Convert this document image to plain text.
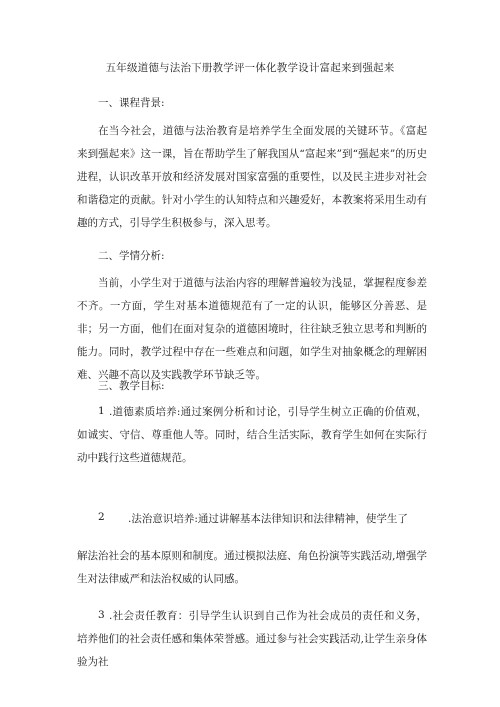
五年级道德与法治下册教学评一体化教学设计富起来到强起来
一、课程背景:

在当今社会，道德与法治教育是培养学生全面发展的关键环节。《富起来到强起来》这一课，旨在帮助学生了解我国从“富起来”到“强起来”的历史进程，认识改革开放和经济发展对国家富强的重要性，以及民主进步对社会和谐稳定的贡献。针对小学生的认知特点和兴趣爱好，本教案将采用生动有趣的方式，引导学生积极参与，深入思考。

二、学情分析:

当前，小学生对于道德与法治内容的理解普遍较为浅显，掌握程度参差不齐。一方面，学生对基本道德规范有了一定的认识，能够区分善恶、是非；另一方面，他们在面对复杂的道德困境时，往往缺乏独立思考和判断的能力。同时，教学过程中存在一些难点和问题，如学生对抽象概念的理解困难、兴趣不高以及实践教学环节缺乏等。

三、教学目标:
1 .道德素质培养:通过案例分析和讨论，引导学生树立正确的价值观，如诚实、守信、尊重他人等。同时，结合生活实际，教育学生如何在实际行动中践行这些道德规范。

2 .法治意识培养:通过讲解基本法律知识和法律精神，使学生了

解法治社会的基本原则和制度。通过模拟法庭、角色扮演等实践活动,增强学生对法律威严和法治权威的认同感。

3 .社会责任教育：引导学生认识到自己作为社会成员的责任和义务，培养他们的社会责任感和集体荣誉感。通过参与社会实践活动,让学生亲身体验为社
